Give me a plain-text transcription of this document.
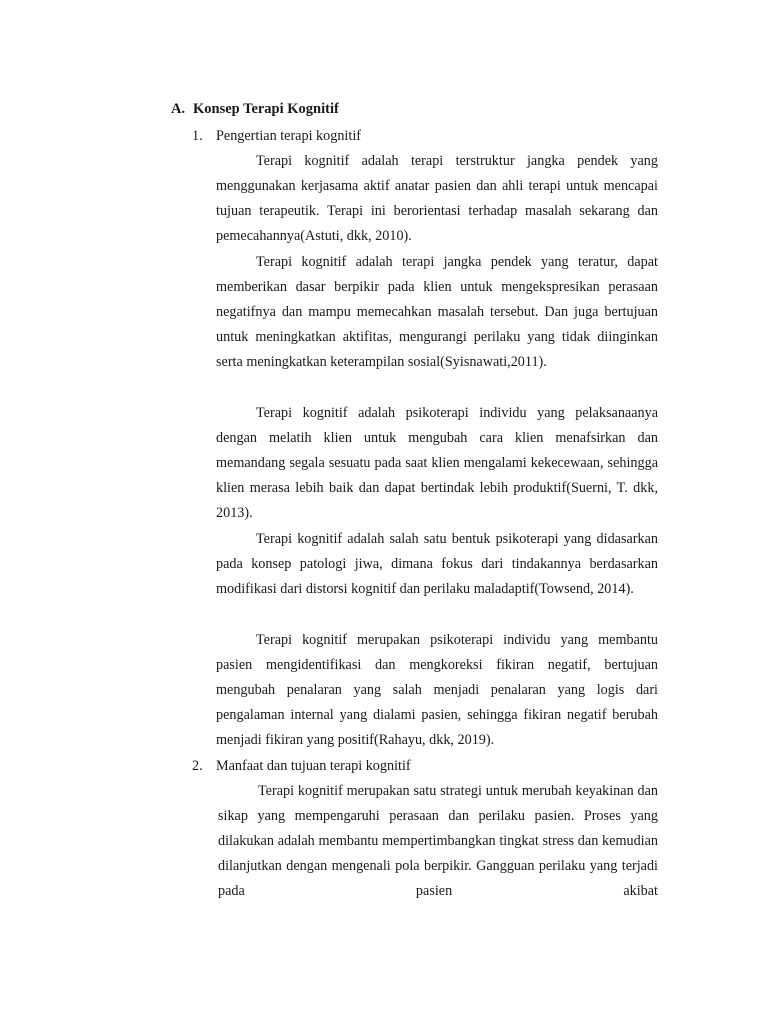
A. Konsep Terapi Kognitif
1. Pengertian terapi kognitif

Terapi kognitif adalah terapi terstruktur jangka pendek yang menggunakan kerjasama aktif anatar pasien dan ahli terapi untuk mencapai tujuan terapeutik. Terapi ini berorientasi terhadap masalah sekarang dan pemecahannya(Astuti, dkk, 2010).

Terapi kognitif adalah terapi jangka pendek yang teratur, dapat memberikan dasar berpikir pada klien untuk mengekspresikan perasaan negatifnya dan mampu memecahkan masalah tersebut. Dan juga bertujuan untuk meningkatkan aktifitas, mengurangi perilaku yang tidak diinginkan serta meningkatkan keterampilan sosial(Syisnawati,2011).

Terapi kognitif adalah psikoterapi individu yang pelaksanaanya dengan melatih klien untuk mengubah cara klien menafsirkan dan memandang segala sesuatu pada saat klien mengalami kekecewaan, sehingga klien merasa lebih baik dan dapat bertindak lebih produktif(Suerni, T. dkk, 2013).

Terapi kognitif adalah salah satu bentuk psikoterapi yang didasarkan pada konsep patologi jiwa, dimana fokus dari tindakannya berdasarkan modifikasi dari distorsi kognitif dan perilaku maladaptif(Towsend, 2014).

Terapi kognitif merupakan psikoterapi individu yang membantu pasien mengidentifikasi dan mengkoreksi fikiran negatif, bertujuan mengubah penalaran yang salah menjadi penalaran yang logis dari pengalaman internal yang dialami pasien, sehingga fikiran negatif berubah menjadi fikiran yang positif(Rahayu, dkk, 2019).

2. Manfaat dan tujuan terapi kognitif

Terapi kognitif merupakan satu strategi untuk merubah keyakinan dan sikap yang mempengaruhi perasaan dan perilaku pasien. Proses yang dilakukan adalah membantu mempertimbangkan tingkat stress dan kemudian dilanjutkan dengan mengenali pola berpikir. Gangguan perilaku yang terjadi pada pasien akibat
